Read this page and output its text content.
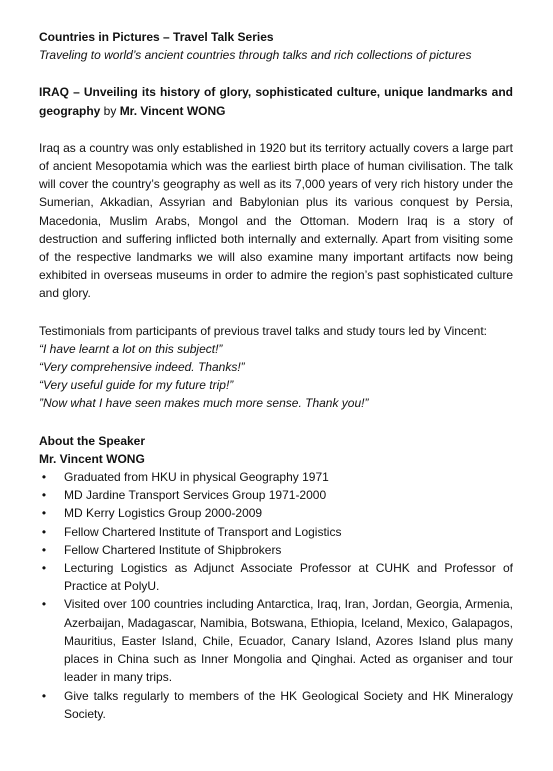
Countries in Pictures – Travel Talk Series

Traveling to world’s ancient countries through talks and rich collections of pictures

IRAQ – Unveiling its history of glory, sophisticated culture, unique landmarks and geography by Mr. Vincent WONG

Iraq as a country was only established in 1920 but its territory actually covers a large part of ancient Mesopotamia which was the earliest birth place of human civilisation. The talk will cover the country’s geography as well as its 7,000 years of very rich history under the Sumerian, Akkadian, Assyrian and Babylonian plus its various conquest by Persia, Macedonia, Muslim Arabs, Mongol and the Ottoman. Modern Iraq is a story of destruction and suffering inflicted both internally and externally. Apart from visiting some of the respective landmarks we will also examine many important artifacts now being exhibited in overseas museums in order to admire the region’s past sophisticated culture and glory.

Testimonials from participants of previous travel talks and study tours led by Vincent:

“I have learnt a lot on this subject!”

“Very comprehensive indeed. Thanks!”

“Very useful guide for my future trip!”

”Now what I have seen makes much more sense. Thank you!”

About the Speaker

Mr. Vincent WONG

• Graduated from HKU in physical Geography 1971
• MD Jardine Transport Services Group 1971-2000
• MD Kerry Logistics Group 2000-2009
• Fellow Chartered Institute of Transport and Logistics
• Fellow Chartered Institute of Shipbrokers
• Lecturing Logistics as Adjunct Associate Professor at CUHK and Professor of Practice at PolyU.
• Visited over 100 countries including Antarctica, Iraq, Iran, Jordan, Georgia, Armenia, Azerbaijan, Madagascar, Namibia, Botswana, Ethiopia, Iceland, Mexico, Galapagos, Mauritius, Easter Island, Chile, Ecuador, Canary Island, Azores Island plus many places in China such as Inner Mongolia and Qinghai. Acted as organiser and tour leader in many trips.
• Give talks regularly to members of the HK Geological Society and HK Mineralogy Society.
